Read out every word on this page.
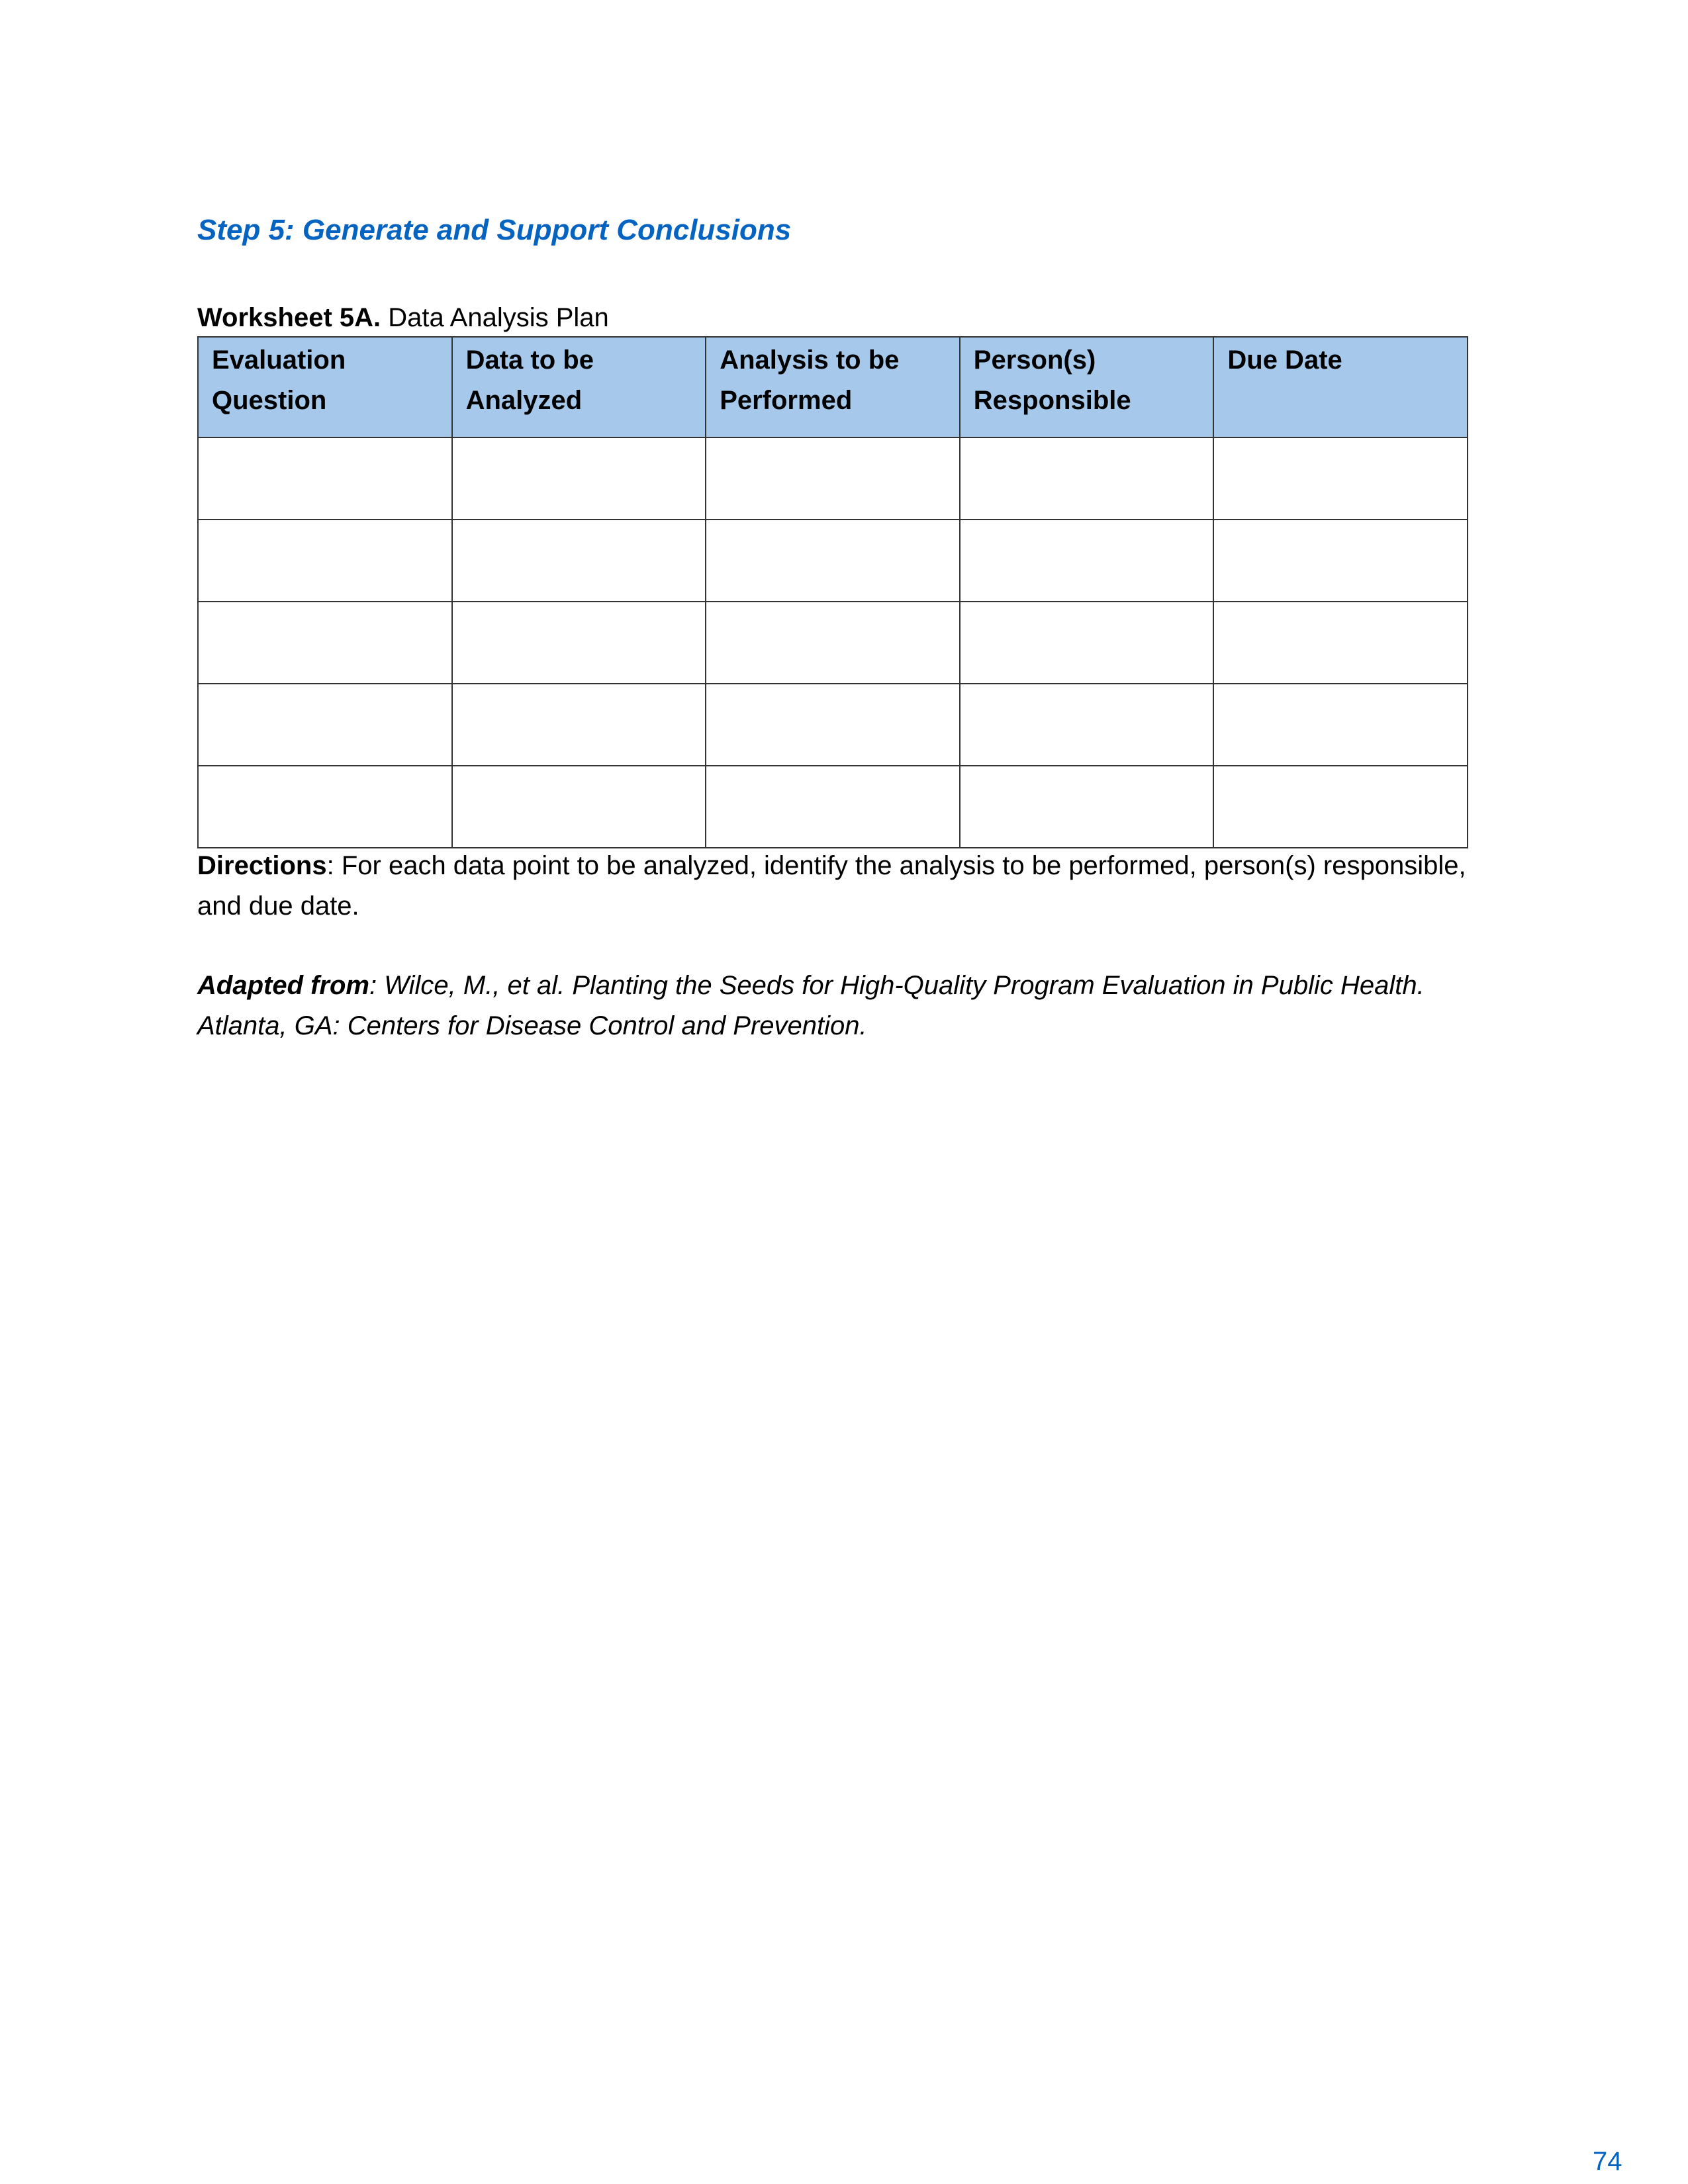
Step 5: Generate and Support Conclusions

Worksheet 5A. Data Analysis Plan

Evaluation Question	Data to be Analyzed	Analysis to be Performed	Person(s) Responsible	Due Date

Directions: For each data point to be analyzed, identify the analysis to be performed, person(s) responsible, and due date.

Adapted from: Wilce, M., et al. Planting the Seeds for High-Quality Program Evaluation in Public Health. Atlanta, GA: Centers for Disease Control and Prevention.

74
